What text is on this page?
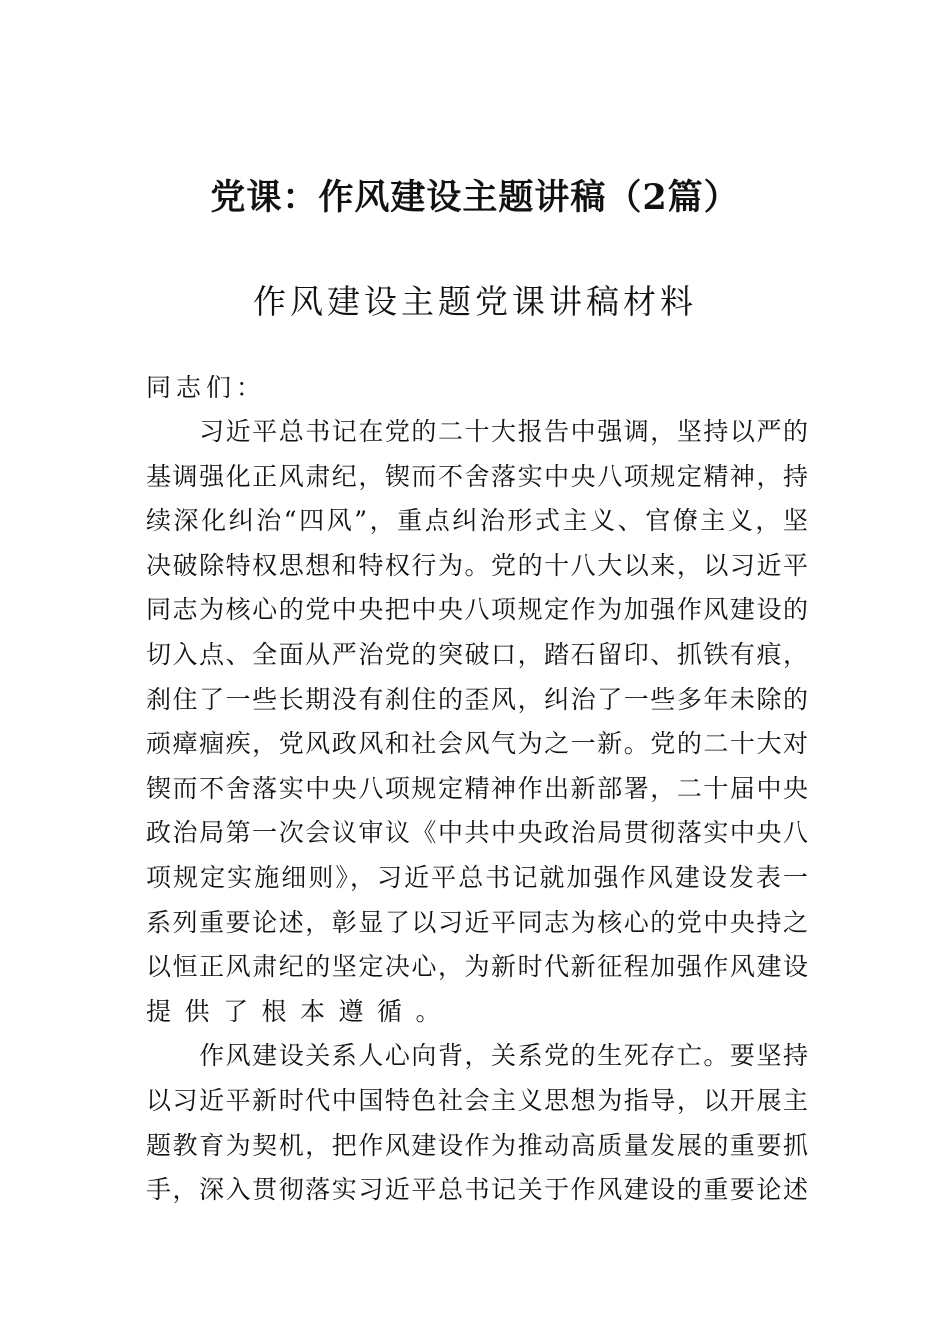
党课：作风建设主题讲稿（2篇）
作风建设主题党课讲稿材料
同志们：
　　习近平总书记在党的二十大报告中强调，坚持以严的
基调强化正风肃纪，锲而不舍落实中央八项规定精神，持
续深化纠治“四风”，重点纠治形式主义、官僚主义，坚
决破除特权思想和特权行为。党的十八大以来，以习近平
同志为核心的党中央把中央八项规定作为加强作风建设的
切入点、全面从严治党的突破口，踏石留印、抓铁有痕，
刹住了一些长期没有刹住的歪风，纠治了一些多年未除的
顽瘴痼疾，党风政风和社会风气为之一新。党的二十大对
锲而不舍落实中央八项规定精神作出新部署，二十届中央
政治局第一次会议审议《中共中央政治局贯彻落实中央八
项规定实施细则》，习近平总书记就加强作风建设发表一
系列重要论述，彰显了以习近平同志为核心的党中央持之
以恒正风肃纪的坚定决心，为新时代新征程加强作风建设
提供了根本遵循。
　　作风建设关系人心向背，关系党的生死存亡。要坚持
以习近平新时代中国特色社会主义思想为指导，以开展主
题教育为契机，把作风建设作为推动高质量发展的重要抓
手，深入贯彻落实习近平总书记关于作风建设的重要论述
